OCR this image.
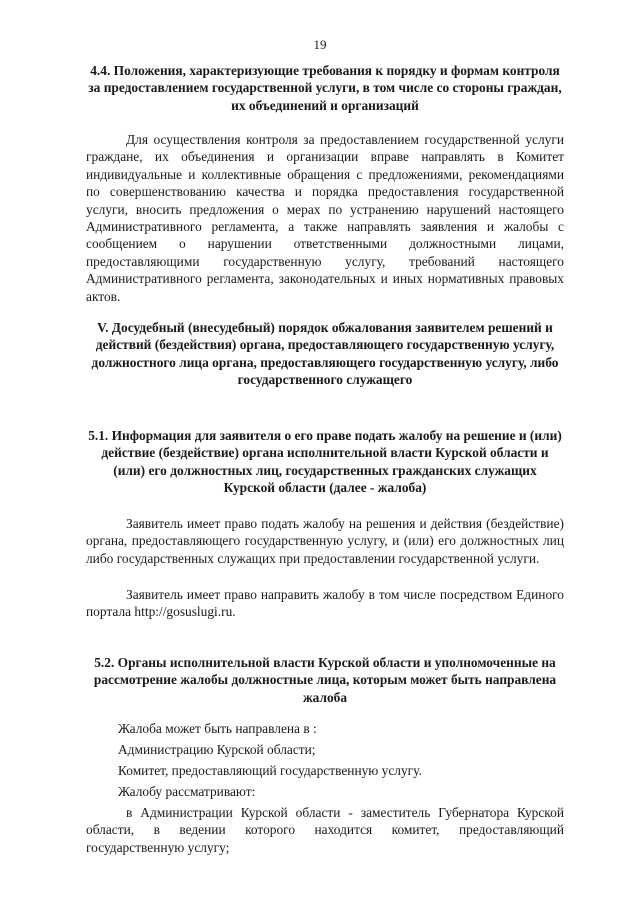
19
4.4. Положения, характеризующие требования к порядку и формам контроля за предоставлением государственной услуги, в том числе со стороны граждан, их объединений и организаций
Для осуществления контроля за предоставлением государственной услуги граждане, их объединения и организации вправе направлять в Комитет индивидуальные и коллективные обращения с предложениями, рекомендациями по совершенствованию качества и порядка предоставления государственной услуги, вносить предложения о мерах по устранению нарушений настоящего Административного регламента, а также направлять заявления и жалобы с сообщением о нарушении ответственными должностными лицами, предоставляющими государственную услугу, требований настоящего Административного регламента, законодательных и иных нормативных правовых актов.
V. Досудебный (внесудебный) порядок обжалования заявителем решений и действий (бездействия) органа, предоставляющего государственную услугу, должностного лица органа, предоставляющего государственную услугу, либо государственного служащего
5.1. Информация для заявителя о его праве подать жалобу на решение и (или) действие (бездействие) органа исполнительной власти Курской области и (или) его должностных лиц, государственных гражданских служащих Курской области (далее - жалоба)
Заявитель имеет право подать жалобу на решения и действия (бездействие) органа, предоставляющего государственную услугу, и (или) его должностных лиц либо государственных служащих при предоставлении государственной услуги.
Заявитель имеет право направить жалобу в том числе посредством Единого портала http://gosuslugi.ru.
5.2. Органы исполнительной власти Курской области и уполномоченные на рассмотрение жалобы должностные лица, которым может быть направлена жалоба
Жалоба может быть направлена в :
Администрацию Курской области;
Комитет, предоставляющий государственную услугу.
Жалобу рассматривают:
в Администрации Курской области - заместитель Губернатора Курской области, в ведении которого находится комитет, предоставляющий государственную услугу;
